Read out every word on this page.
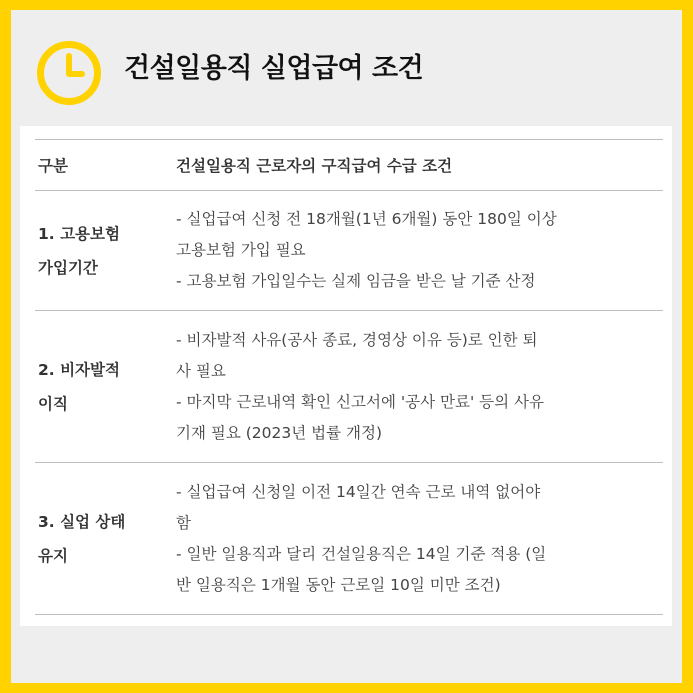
건설일용직 실업급여 조건
구분	건설일용직 근로자의 구직급여 수급 조건

1. 고용보험
가입기간	- 실업급여 신청 전 18개월(1년 6개월) 동안 180일 이상
고용보험 가입 필요
- 고용보험 가입일수는 실제 임금을 받은 날 기준 산정

2. 비자발적
이직	- 비자발적 사유(공사 종료, 경영상 이유 등)로 인한 퇴
사 필요
- 마지막 근로내역 확인 신고서에 '공사 만료' 등의 사유
기재 필요 (2023년 법률 개정)

3. 실업 상태
유지	- 실업급여 신청일 이전 14일간 연속 근로 내역 없어야
함
- 일반 일용직과 달리 건설일용직은 14일 기준 적용 (일
반 일용직은 1개월 동안 근로일 10일 미만 조건)
